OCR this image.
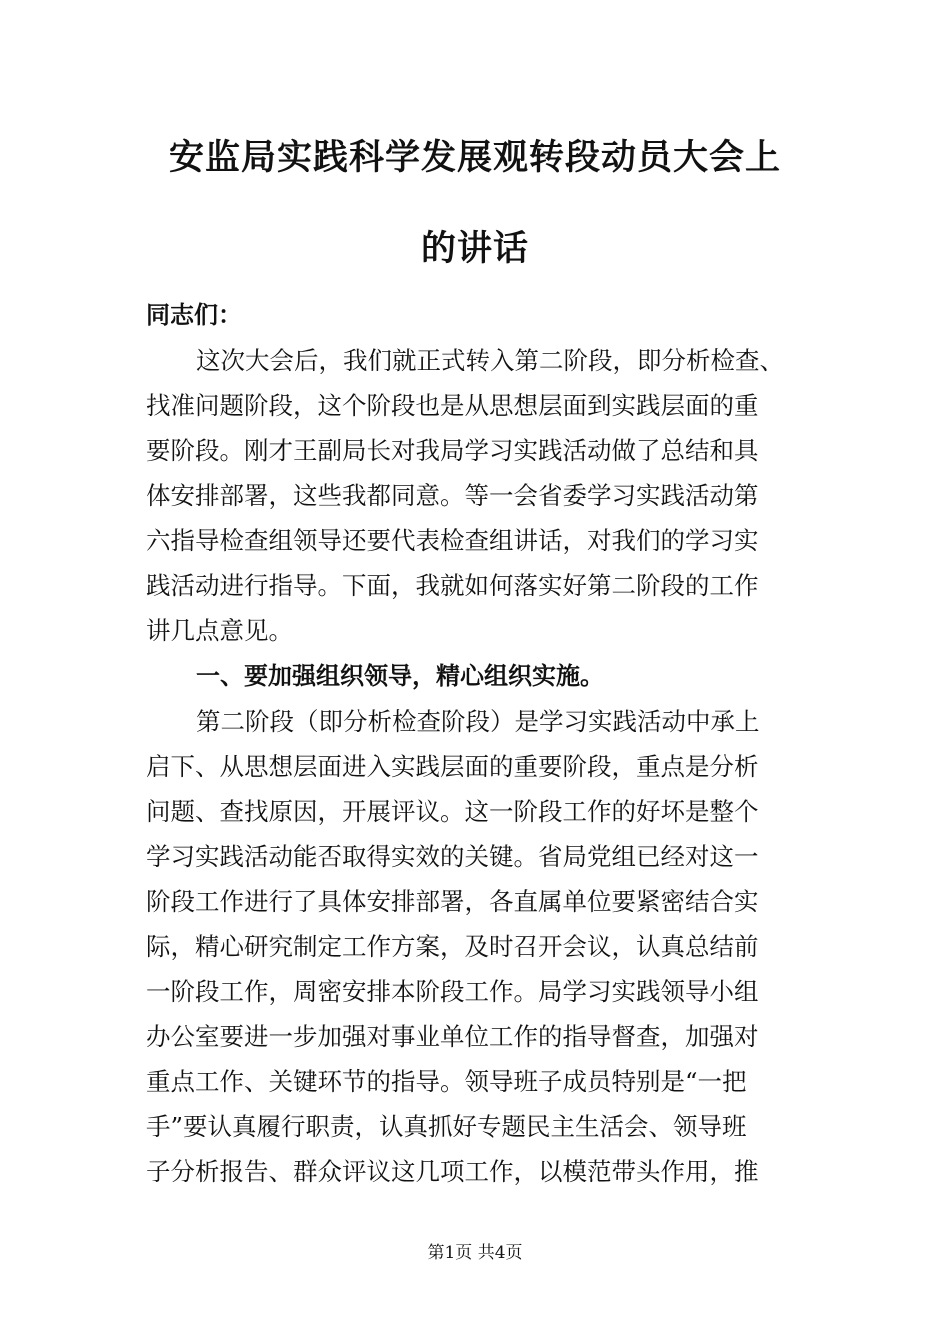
安监局实践科学发展观转段动员大会上
的讲话
同志们：
这次大会后，我们就正式转入第二阶段，即分析检查、
找准问题阶段，这个阶段也是从思想层面到实践层面的重
要阶段。刚才王副局长对我局学习实践活动做了总结和具
体安排部署，这些我都同意。等一会省委学习实践活动第
六指导检查组领导还要代表检查组讲话，对我们的学习实
践活动进行指导。下面，我就如何落实好第二阶段的工作
讲几点意见。
一、要加强组织领导，精心组织实施。
第二阶段（即分析检查阶段）是学习实践活动中承上
启下、从思想层面进入实践层面的重要阶段，重点是分析
问题、查找原因，开展评议。这一阶段工作的好坏是整个
学习实践活动能否取得实效的关键。省局党组已经对这一
阶段工作进行了具体安排部署，各直属单位要紧密结合实
际，精心研究制定工作方案，及时召开会议，认真总结前
一阶段工作，周密安排本阶段工作。局学习实践领导小组
办公室要进一步加强对事业单位工作的指导督查，加强对
重点工作、关键环节的指导。领导班子成员特别是“一把
手”要认真履行职责，认真抓好专题民主生活会、领导班
子分析报告、群众评议这几项工作，以模范带头作用，推
第1页 共4页
